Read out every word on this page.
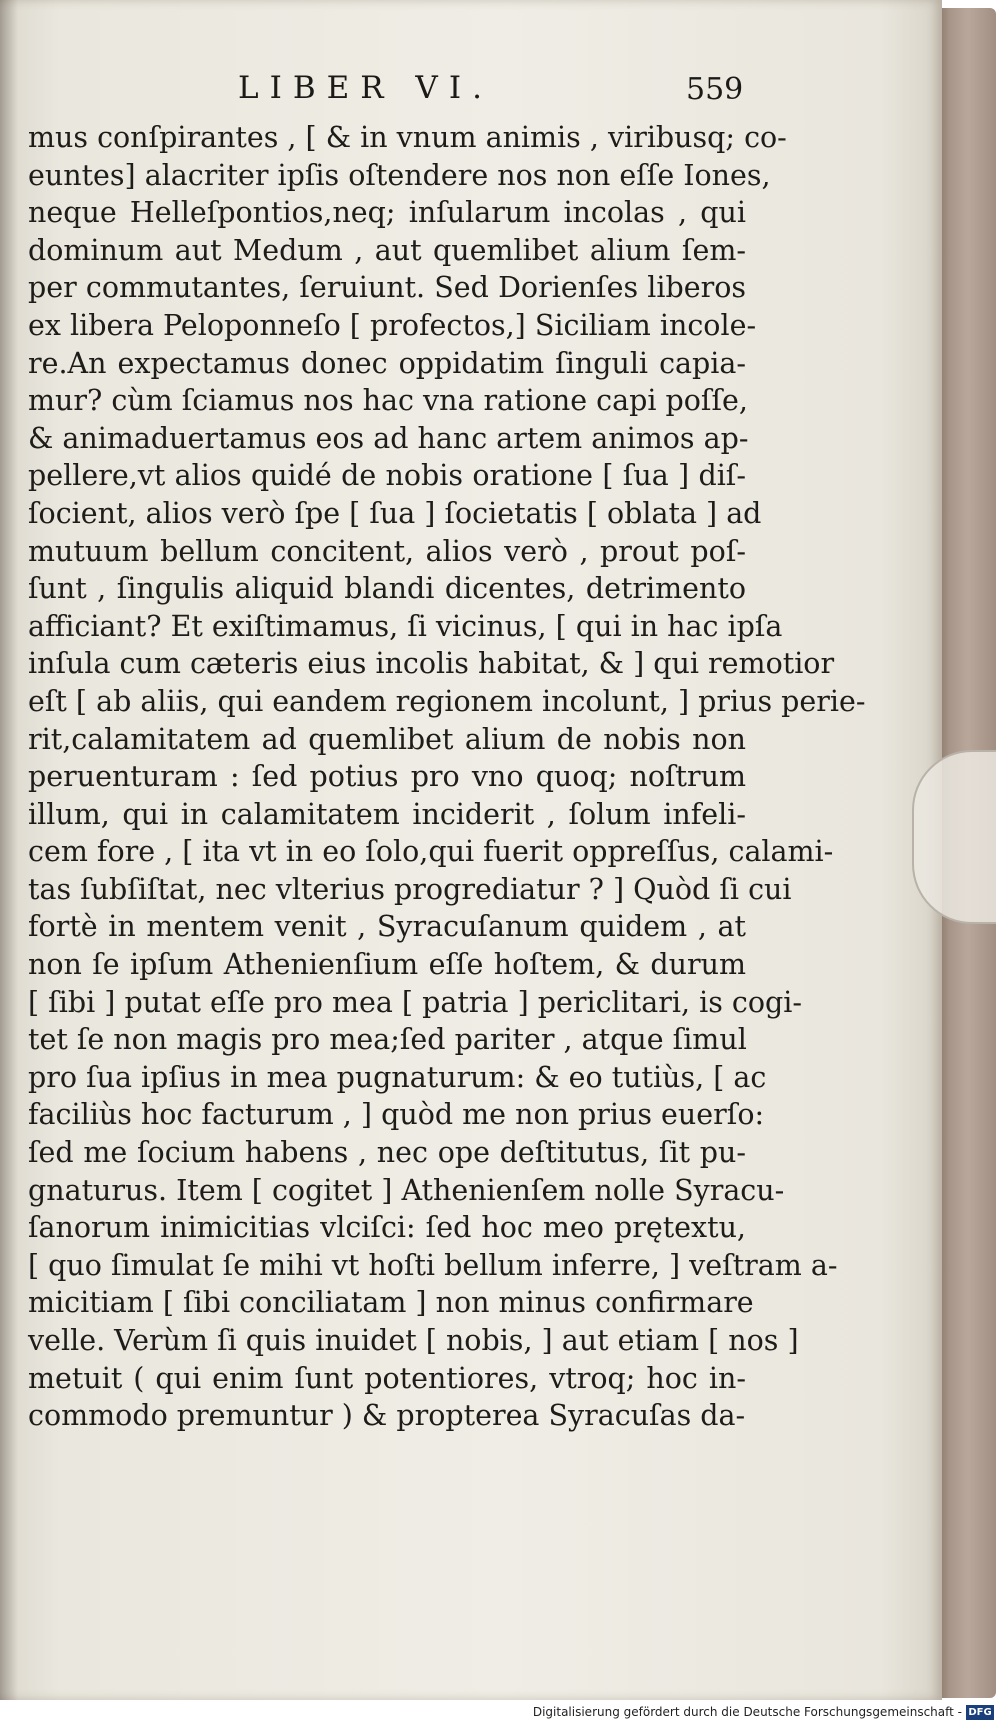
LIBER VI.	559
mus conſpirantes , [ & in vnum animis , viribusq; co-
euntes] alacriter ipſis oſtendere nos non eſſe Iones,
neque Helleſpontios,neq; inſularum incolas , qui
dominum aut Medum , aut quemlibet alium ſem-
per commutantes, ſeruiunt. Sed Dorienſes liberos
ex libera Peloponneſo [ profectos,] Siciliam incole-
re.An expectamus donec oppidatim ſinguli capia-
mur? cùm ſciamus nos hac vna ratione capi poſſe,
& animaduertamus eos ad hanc artem animos ap-
pellere,vt alios quidé de nobis oratione [ ſua ] diſ-
ſocient, alios verò ſpe [ ſua ] ſocietatis [ oblata ] ad
mutuum bellum concitent, alios verò , prout poſ-
ſunt , ſingulis aliquid blandi dicentes, detrimento
afficiant? Et exiſtimamus, ſi vicinus, [ qui in hac ipſa
inſula cum cæteris eius incolis habitat, & ] qui remotior
eſt [ ab aliis, qui eandem regionem incolunt, ] prius perie-
rit,calamitatem ad quemlibet alium de nobis non
peruenturam : ſed potius pro vno quoq; noſtrum
illum, qui in calamitatem inciderit , ſolum infeli-
cem fore , [ ita vt in eo ſolo,qui fuerit oppreſſus, calami-
tas ſubſiſtat, nec vlterius progrediatur ? ] Quòd ſi cui
fortè in mentem venit , Syracuſanum quidem , at
non ſe ipſum Athenienſium eſſe hoſtem, & durum
[ ſibi ] putat eſſe pro mea [ patria ] periclitari, is cogi-
tet ſe non magis pro mea;ſed pariter , atque ſimul
pro ſua ipſius in mea pugnaturum: & eo tutiùs, [ ac
faciliùs hoc facturum , ] quòd me non prius euerſo:
ſed me ſocium habens , nec ope deſtitutus, ſit pu-
gnaturus. Item [ cogitet ] Athenienſem nolle Syracu-
ſanorum inimicitias vlciſci: ſed hoc meo prętextu,
[ quo ſimulat ſe mihi vt hoſti bellum inferre, ] veſtram a-
micitiam [ ſibi conciliatam ] non minus confirmare
velle. Verùm ſi quis inuidet [ nobis, ] aut etiam [ nos ]
metuit ( qui enim ſunt potentiores, vtroq; hoc in-
commodo premuntur ) & propterea Syracuſas da-
Digitalisierung gefördert durch die Deutsche Forschungsgemeinschaft - DFG
